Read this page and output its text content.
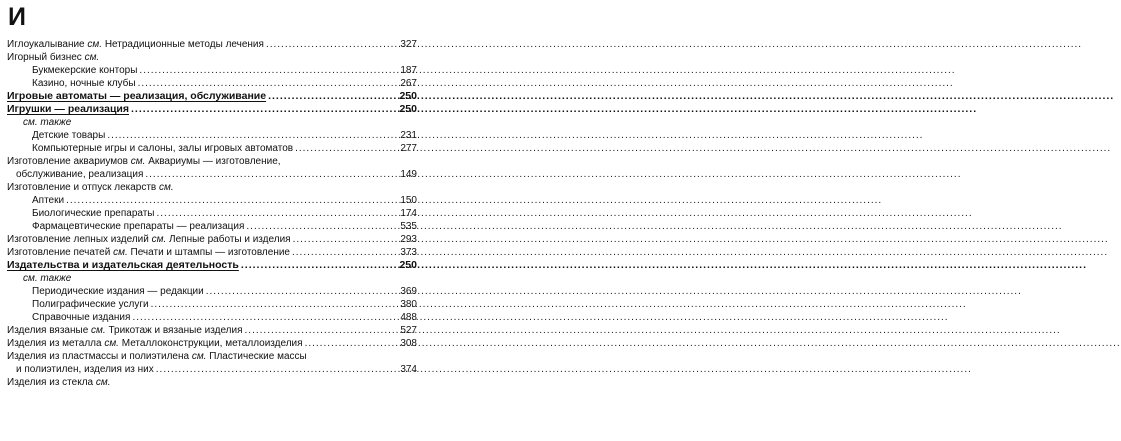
И
Иглоукалывание см. Нетрадиционные методы лечения .....	327
Игорный бизнес см.
Букмекерские конторы .....	187
Казино, ночные клубы .....	267
Игровые автоматы — реализация, обслуживание .....	250
Игрушки — реализация .....	250
см. также
Детские товары .....	231
Компьютерные игры и салоны, залы игровых автоматов .....	277
Изготовление аквариумов см. Аквариумы — изготовление,
обслуживание, реализация .....	149
Изготовление и отпуск лекарств см.
Аптеки .....	150
Биологические препараты .....	174
Фармацевтические препараты — реализация .....	535
Изготовление лепных изделий см. Лепные работы и изделия .....	293
Изготовление печатей см. Печати и штампы — изготовление .....	373
Издательства и издательская деятельность .....	250
см. также
Периодические издания — редакции .....	369
Полиграфические услуги .....	380
Справочные издания .....	488
Изделия вязаные см. Трикотаж и вязаные изделия .....	527
Изделия из металла см. Металлоконструкции, металлоизделия .....	308
Изделия из пластмассы и полиэтилена см. Пластические массы
и полиэтилен, изделия из них .....	374
Изделия из стекла см.
